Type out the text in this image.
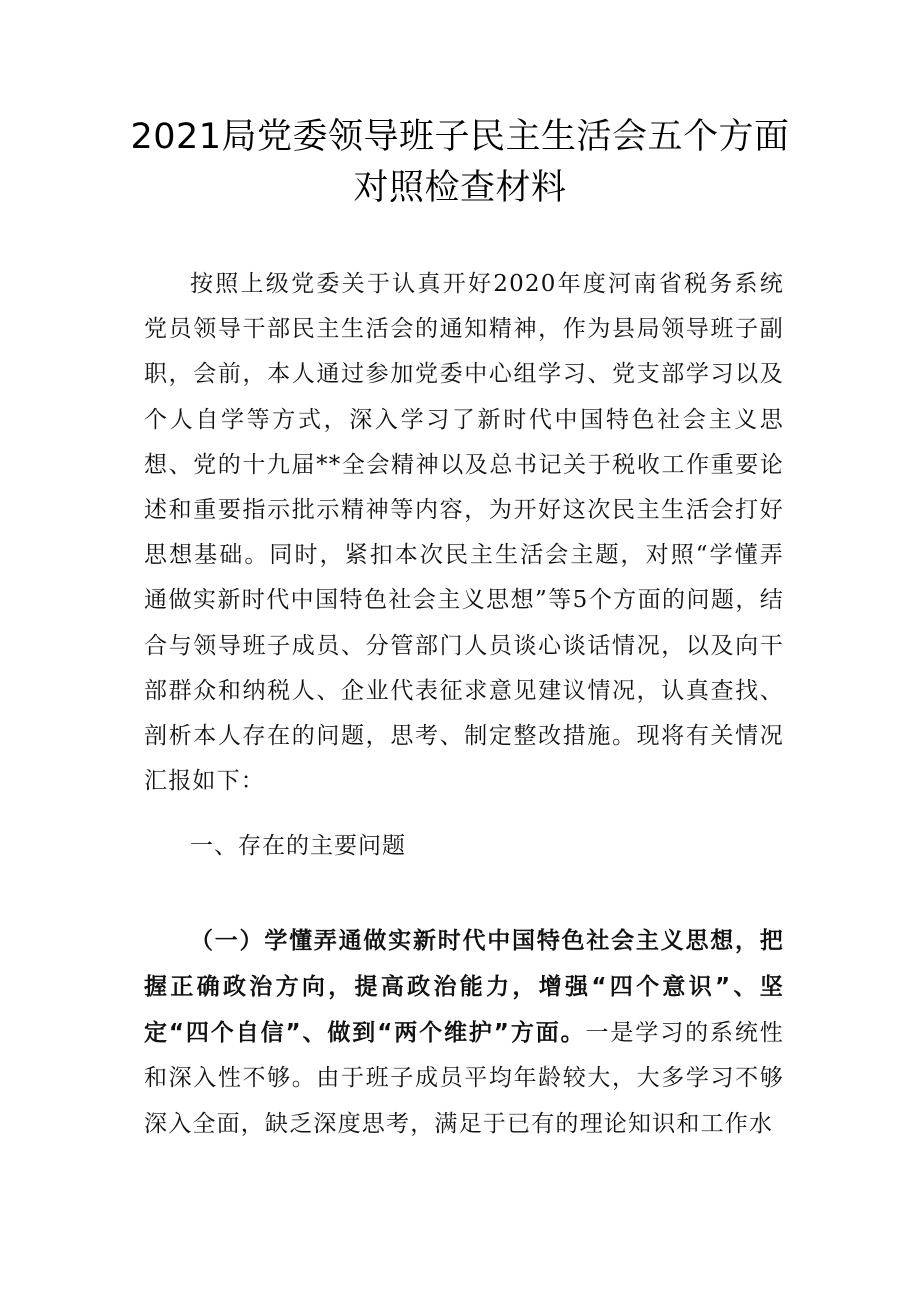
2021局党委领导班子民主生活会五个方面对照检查材料

按照上级党委关于认真开好2020年度河南省税务系统党员领导干部民主生活会的通知精神，作为县局领导班子副职，会前，本人通过参加党委中心组学习、党支部学习以及个人自学等方式，深入学习了新时代中国特色社会主义思想、党的十九届**全会精神以及总书记关于税收工作重要论述和重要指示批示精神等内容，为开好这次民主生活会打好思想基础。同时，紧扣本次民主生活会主题，对照“学懂弄通做实新时代中国特色社会主义思想”等5个方面的问题，结合与领导班子成员、分管部门人员谈心谈话情况，以及向干部群众和纳税人、企业代表征求意见建议情况，认真查找、剖析本人存在的问题，思考、制定整改措施。现将有关情况汇报如下：

一、存在的主要问题

（一）学懂弄通做实新时代中国特色社会主义思想，把握正确政治方向，提高政治能力，增强“四个意识”、坚定“四个自信”、做到“两个维护”方面。一是学习的系统性和深入性不够。由于班子成员平均年龄较大，大多学习不够深入全面，缺乏深度思考，满足于已有的理论知识和工作水
